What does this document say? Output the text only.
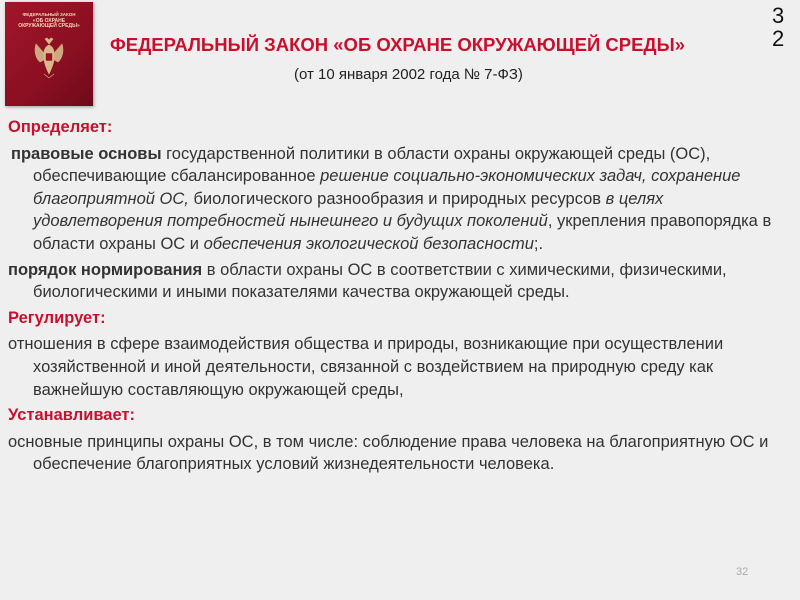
ФЕДЕРАЛЬНЫЙ ЗАКОН
«ОБ ОХРАНЕ
ОКРУЖАЮЩЕЙ СРЕДЫ»	32
ФЕДЕРАЛЬНЫЙ ЗАКОН «ОБ ОХРАНЕ ОКРУЖАЮЩЕЙ СРЕДЫ»
(от 10 января 2002 года № 7-ФЗ)
Определяет:
правовые основы государственной политики в области охраны окружающей среды (ОС), обеспечивающие сбалансированное решение социально-экономических задач, сохранение благоприятной ОС, биологического разнообразия и природных ресурсов в целях удовлетворения потребностей нынешнего и будущих поколений, укрепления правопорядка в области охраны ОС и обеспечения экологической безопасности;.
порядок нормирования в области охраны ОС в соответствии с химическими, физическими, биологическими и иными показателями качества окружающей среды.
Регулирует:
отношения в сфере взаимодействия общества и природы, возникающие при осуществлении хозяйственной и иной деятельности, связанной с воздействием на природную среду как важнейшую составляющую окружающей среды,
Устанавливает:
основные принципы охраны ОС, в том числе: соблюдение права человека на благоприятную ОС и обеспечение благоприятных условий жизнедеятельности человека.
32
